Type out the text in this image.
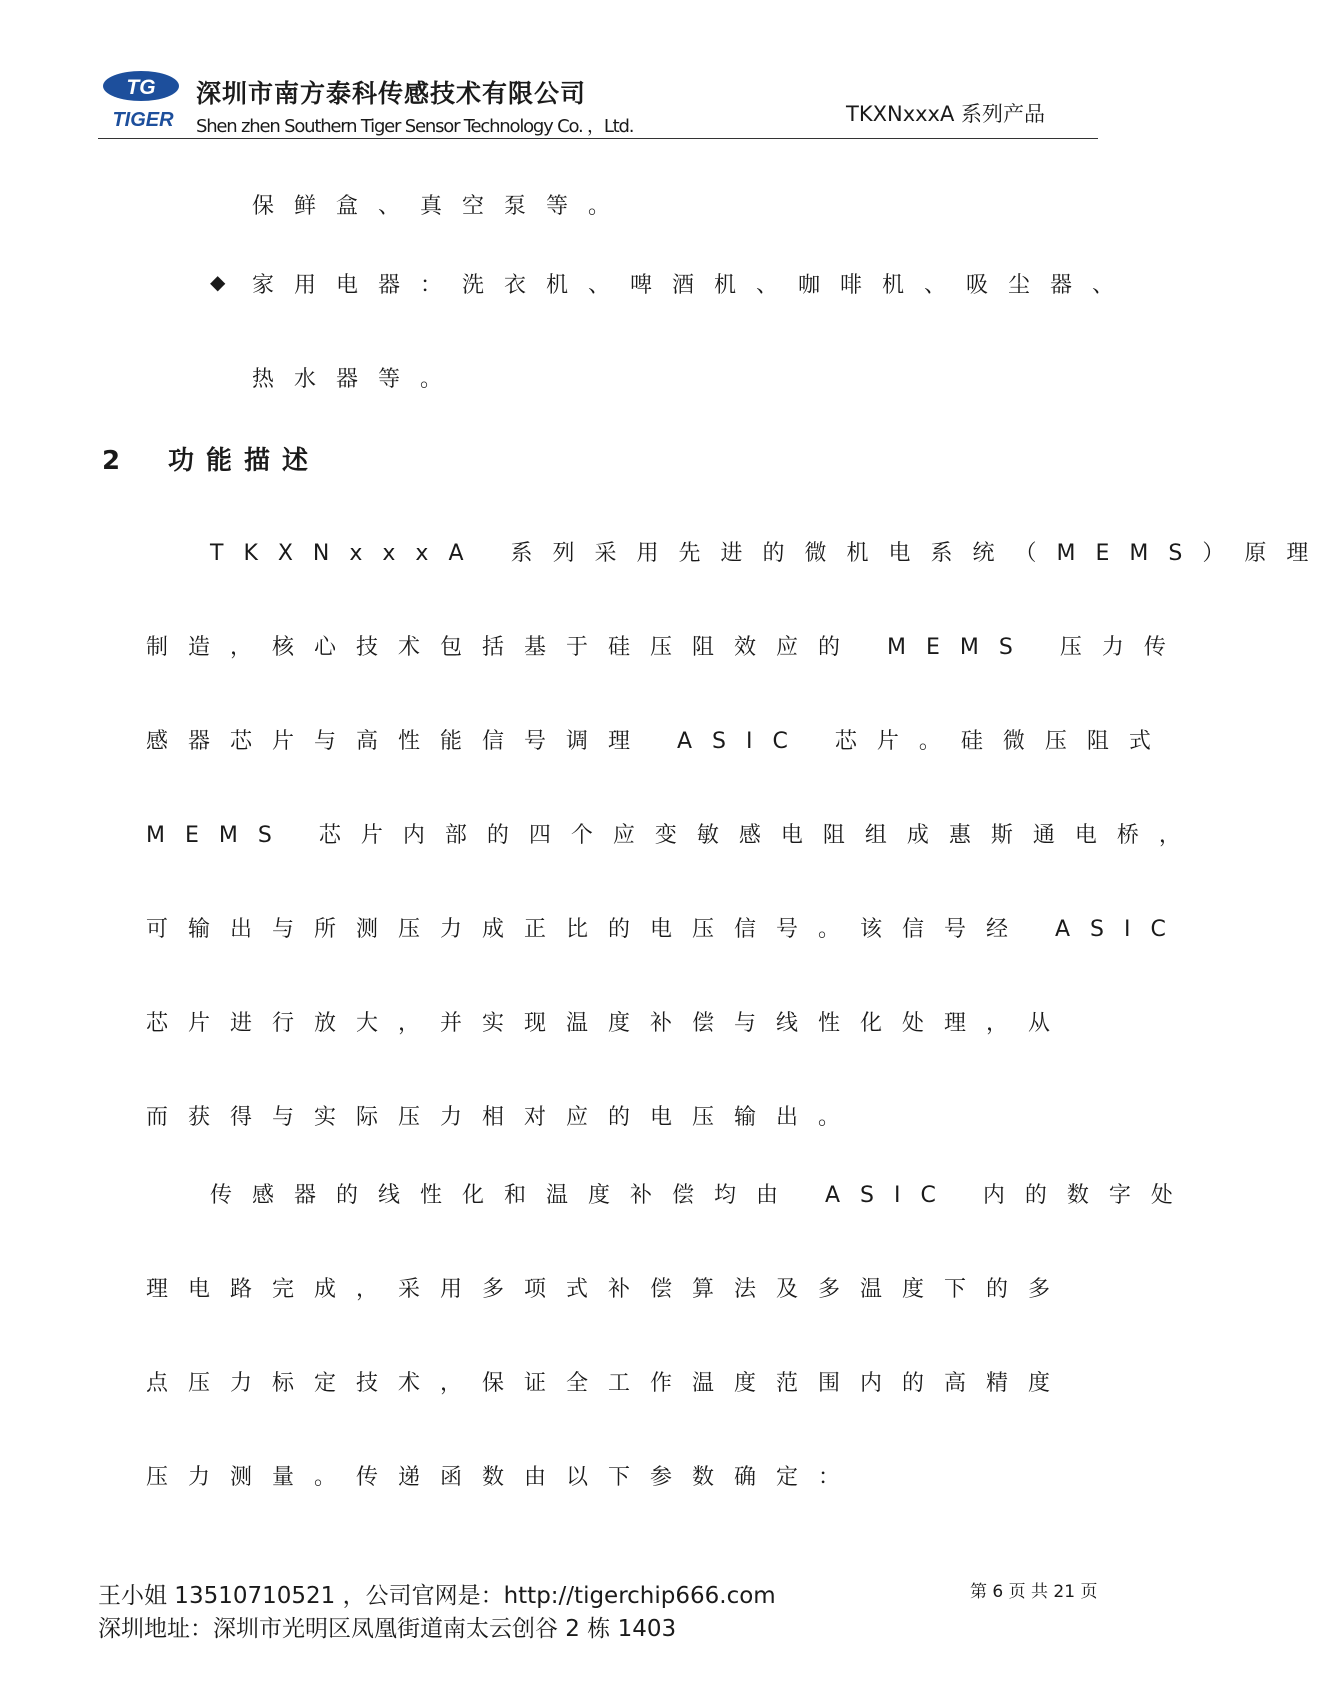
TG
TIGER
深圳市南方泰科传感技术有限公司
Shen zhen Southern Tiger Sensor Technology Co. ，Ltd.
TKXNxxxA 系列产品
保鲜盒、真空泵等。
◆ 家用电器：洗衣机、啤酒机、咖啡机、吸尘器、
热水器等。
2 功能描述
TKXNxxxA 系列采用先进的微机电系统（MEMS）原理
制造，核心技术包括基于硅压阻效应的 MEMS 压力传
感器芯片与高性能信号调理 ASIC 芯片。硅微压阻式
MEMS 芯片内部的四个应变敏感电阻组成惠斯通电桥，
可输出与所测压力成正比的电压信号。该信号经 ASIC
芯片进行放大，并实现温度补偿与线性化处理，从
而获得与实际压力相对应的电压输出。
传感器的线性化和温度补偿均由 ASIC 内的数字处
理电路完成，采用多项式补偿算法及多温度下的多
点压力标定技术，保证全工作温度范围内的高精度
压力测量。传递函数由以下参数确定：
王小姐 13510710521 ，公司官网是：http://tigerchip666.com
深圳地址：深圳市光明区凤凰街道南太云创谷 2 栋 1403
第 6 页 共 21 页
